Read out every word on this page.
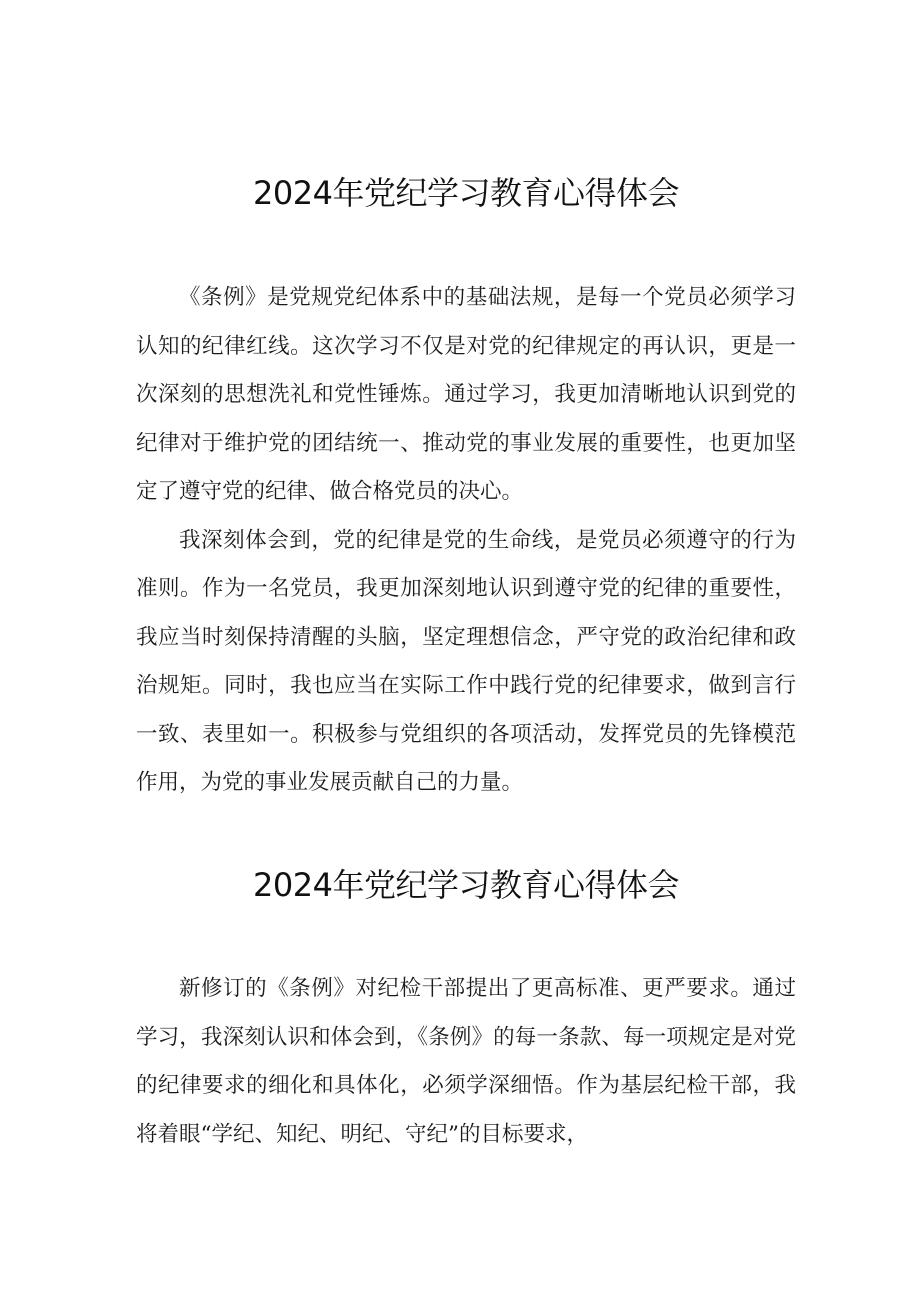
2024年党纪学习教育心得体会

《条例》是党规党纪体系中的基础法规，是每一个党员必须学习认知的纪律红线。这次学习不仅是对党的纪律规定的再认识，更是一次深刻的思想洗礼和党性锤炼。通过学习，我更加清晰地认识到党的纪律对于维护党的团结统一、推动党的事业发展的重要性，也更加坚定了遵守党的纪律、做合格党员的决心。

我深刻体会到，党的纪律是党的生命线，是党员必须遵守的行为准则。作为一名党员，我更加深刻地认识到遵守党的纪律的重要性，我应当时刻保持清醒的头脑，坚定理想信念，严守党的政治纪律和政治规矩。同时，我也应当在实际工作中践行党的纪律要求，做到言行一致、表里如一。积极参与党组织的各项活动，发挥党员的先锋模范作用，为党的事业发展贡献自己的力量。

2024年党纪学习教育心得体会

新修订的《条例》对纪检干部提出了更高标准、更严要求。通过学习，我深刻认识和体会到，《条例》的每一条款、每一项规定是对党的纪律要求的细化和具体化，必须学深细悟。作为基层纪检干部，我将着眼“学纪、知纪、明纪、守纪”的目标要求，
